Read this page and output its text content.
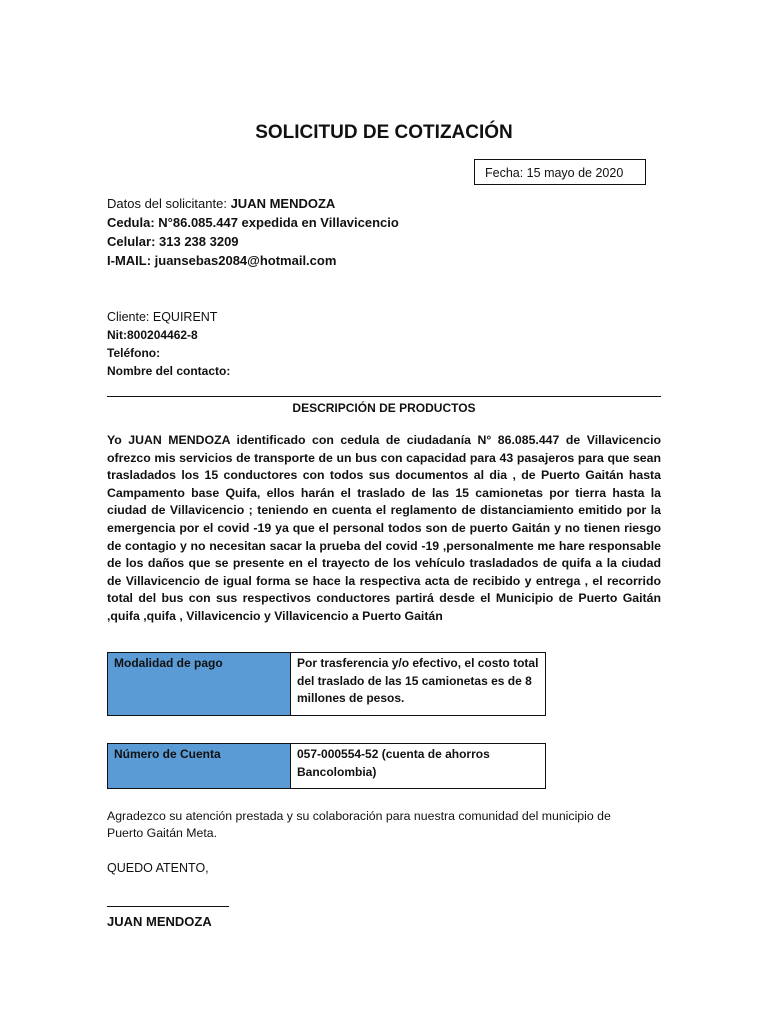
SOLICITUD DE COTIZACIÓN
Fecha: 15 mayo de 2020
Datos del solicitante: JUAN MENDOZA
Cedula: N°86.085.447 expedida en Villavicencio
Celular: 313 238 3209
I-MAIL: juansebas2084@hotmail.com
Cliente: EQUIRENT
Nit:800204462-8
Teléfono:
Nombre del contacto:
DESCRIPCIÓN DE PRODUCTOS

Yo JUAN MENDOZA identificado con cedula de ciudadanía N° 86.085.447 de Villavicencio ofrezco mis servicios de transporte de un bus con capacidad para 43 pasajeros para que sean trasladados los 15 conductores con todos sus documentos al dia , de Puerto Gaitán hasta Campamento base Quifa, ellos harán el traslado de las 15 camionetas por tierra hasta la ciudad de Villavicencio ; teniendo en cuenta el reglamento de distanciamiento emitido por la emergencia por el covid -19 ya que el personal todos son de puerto Gaitán y no tienen riesgo de contagio y no necesitan sacar la prueba del covid -19 ,personalmente me hare responsable de los daños que se presente en el trayecto de los vehículo trasladados de quifa a la ciudad de Villavicencio de igual forma se hace la respectiva acta de recibido y entrega , el recorrido total del bus con sus respectivos conductores partirá desde el Municipio de Puerto Gaitán ,quifa ,quifa , Villavicencio y Villavicencio a Puerto Gaitán

Modalidad de pago	Por trasferencia y/o efectivo, el costo total del traslado de las 15 camionetas es de 8 millones de pesos.
Número de Cuenta	057-000554-52 (cuenta de ahorros Bancolombia)
Agradezco su atención prestada y su colaboración para nuestra comunidad del municipio de Puerto Gaitán Meta.
QUEDO ATENTO,
JUAN MENDOZA
